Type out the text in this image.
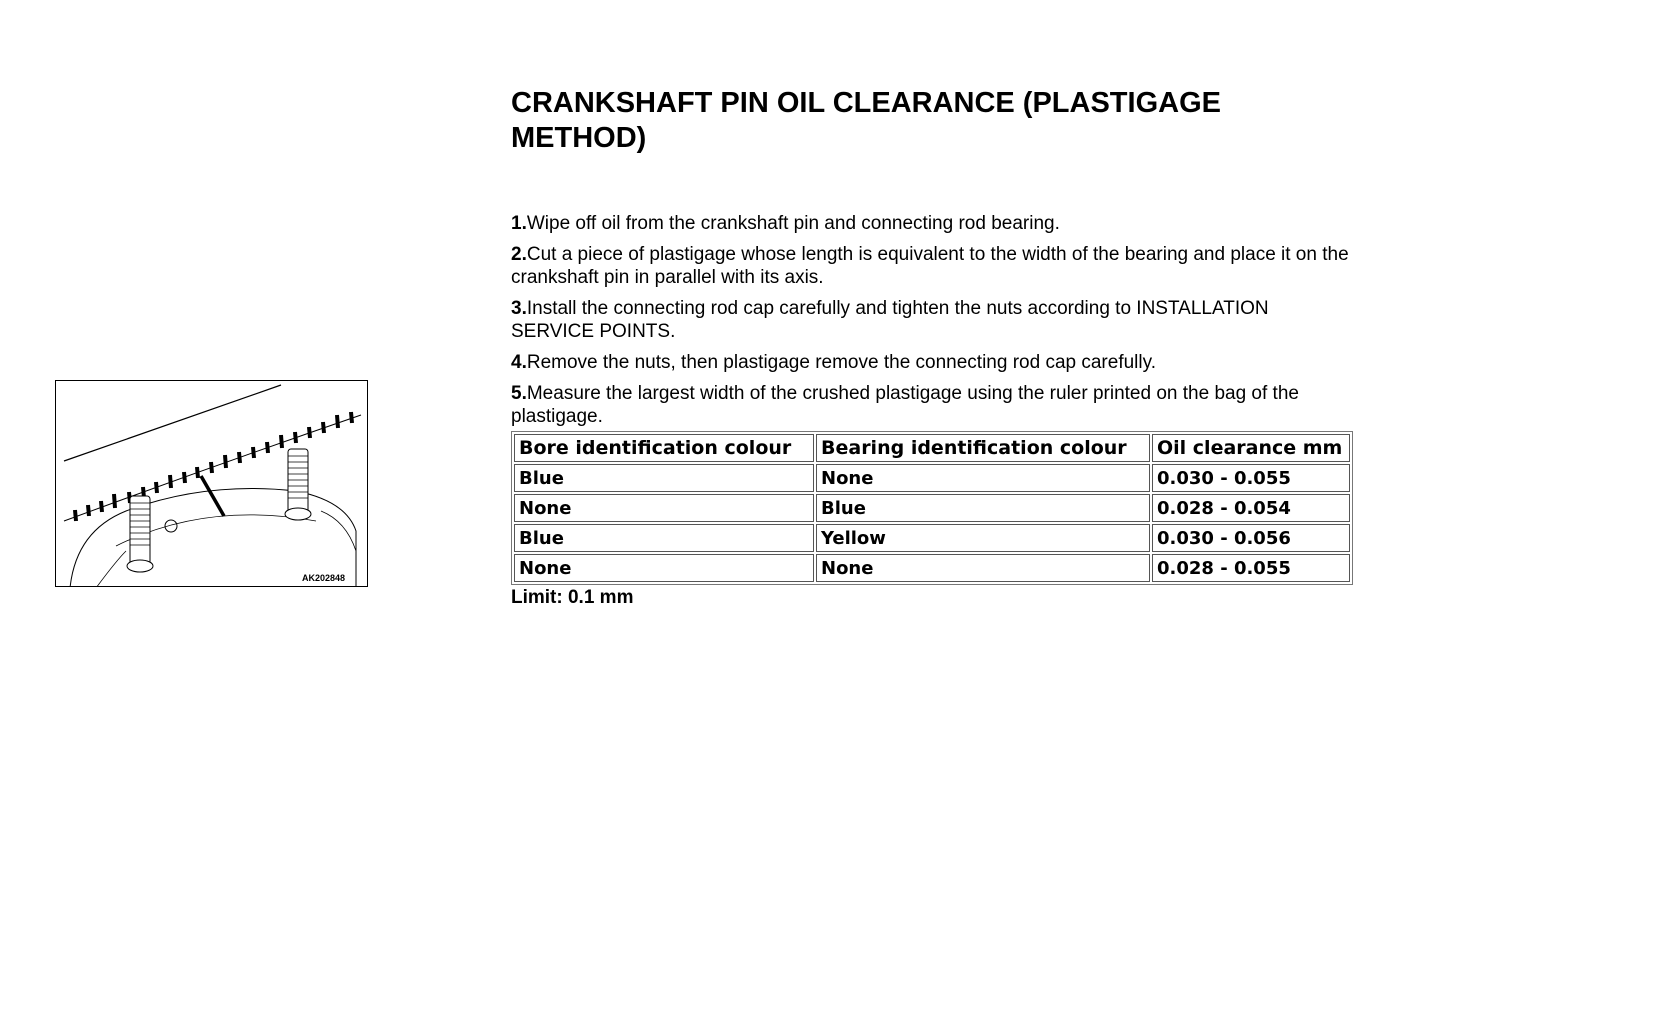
AK202848
CRANKSHAFT PIN OIL CLEARANCE (PLASTIGAGE METHOD)
1.Wipe off oil from the crankshaft pin and connecting rod bearing.
2.Cut a piece of plastigage whose length is equivalent to the width of the bearing and place it on the crankshaft pin in parallel with its axis.
3.Install the connecting rod cap carefully and tighten the nuts according to INSTALLATION SERVICE POINTS.
4.Remove the nuts, then plastigage remove the connecting rod cap carefully.
5.Measure the largest width of the crushed plastigage using the ruler printed on the bag of the plastigage.
Bore identification colour	Bearing identification colour	Oil clearance mm
Blue	None	0.030 - 0.055
None	Blue	0.028 - 0.054
Blue	Yellow	0.030 - 0.056
None	None	0.028 - 0.055
Limit: 0.1 mm
